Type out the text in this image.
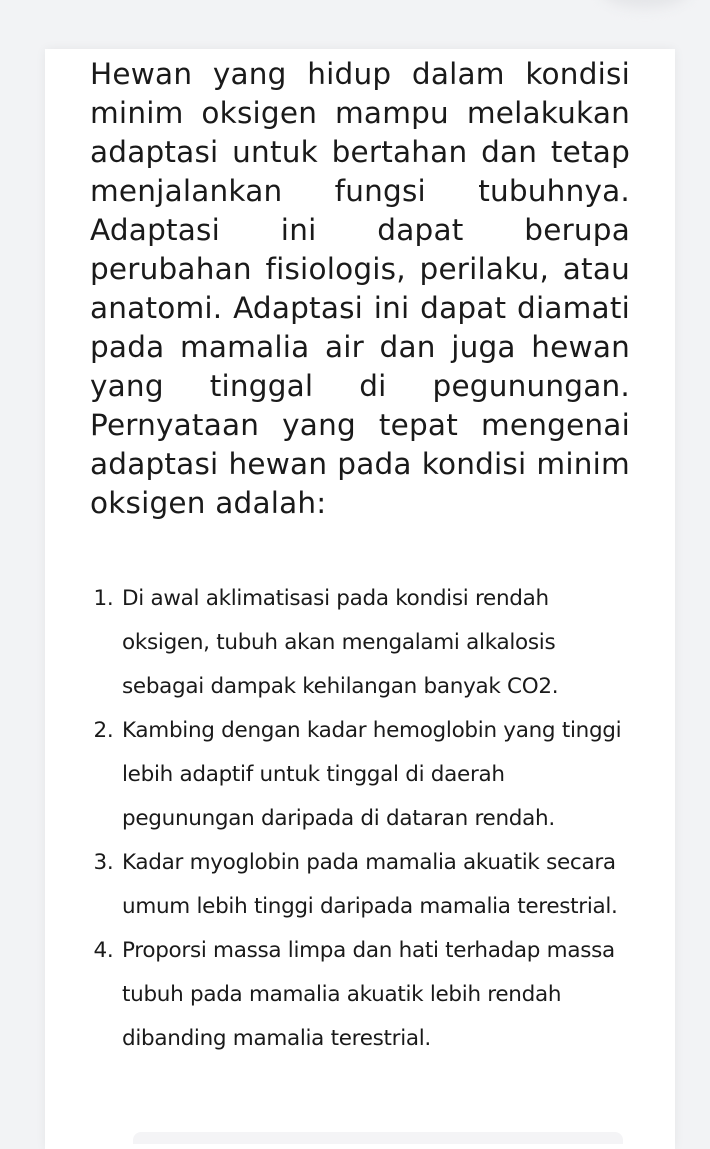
Hewan yang hidup dalam kondisi minim oksigen mampu melakukan adaptasi untuk bertahan dan tetap menjalankan fungsi tubuhnya. Adaptasi ini dapat berupa perubahan fisiologis, perilaku, atau anatomi. Adaptasi ini dapat diamati pada mamalia air dan juga hewan yang tinggal di pegunungan. Pernyataan yang tepat mengenai adaptasi hewan pada kondisi minim oksigen adalah:

1. Di awal aklimatisasi pada kondisi rendah oksigen, tubuh akan mengalami alkalosis sebagai dampak kehilangan banyak CO2.
2. Kambing dengan kadar hemoglobin yang tinggi lebih adaptif untuk tinggal di daerah pegunungan daripada di dataran rendah.
3. Kadar myoglobin pada mamalia akuatik secara umum lebih tinggi daripada mamalia terestrial.
4. Proporsi massa limpa dan hati terhadap massa tubuh pada mamalia akuatik lebih rendah dibanding mamalia terestrial.
